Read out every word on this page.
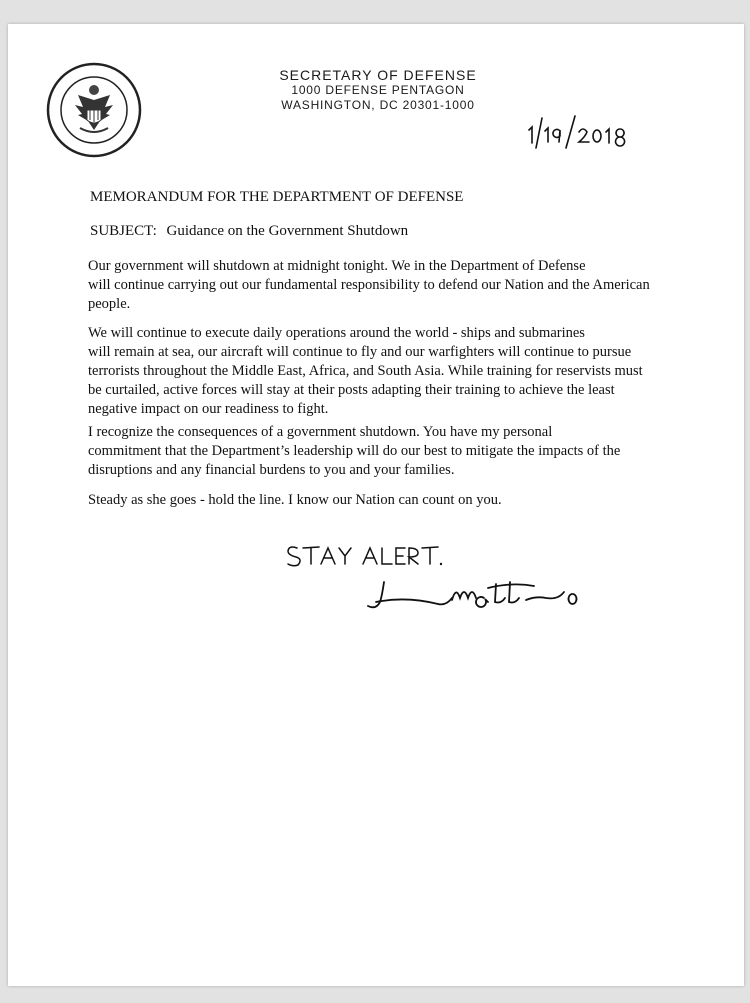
SECRETARY OF DEFENSE
1000 DEFENSE PENTAGON
WASHINGTON, DC 20301-1000
MEMORANDUM FOR THE DEPARTMENT OF DEFENSE
SUBJECT: Guidance on the Government Shutdown
Our government will shutdown at midnight tonight. We in the Department of Defense
will continue carrying out our fundamental responsibility to defend our Nation and the American
people.
We will continue to execute daily operations around the world - ships and submarines
will remain at sea, our aircraft will continue to fly and our warfighters will continue to pursue
terrorists throughout the Middle East, Africa, and South Asia. While training for reservists must
be curtailed, active forces will stay at their posts adapting their training to achieve the least
negative impact on our readiness to fight.
I recognize the consequences of a government shutdown. You have my personal
commitment that the Department’s leadership will do our best to mitigate the impacts of the
disruptions and any financial burdens to you and your families.
Steady as she goes - hold the line. I know our Nation can count on you.
